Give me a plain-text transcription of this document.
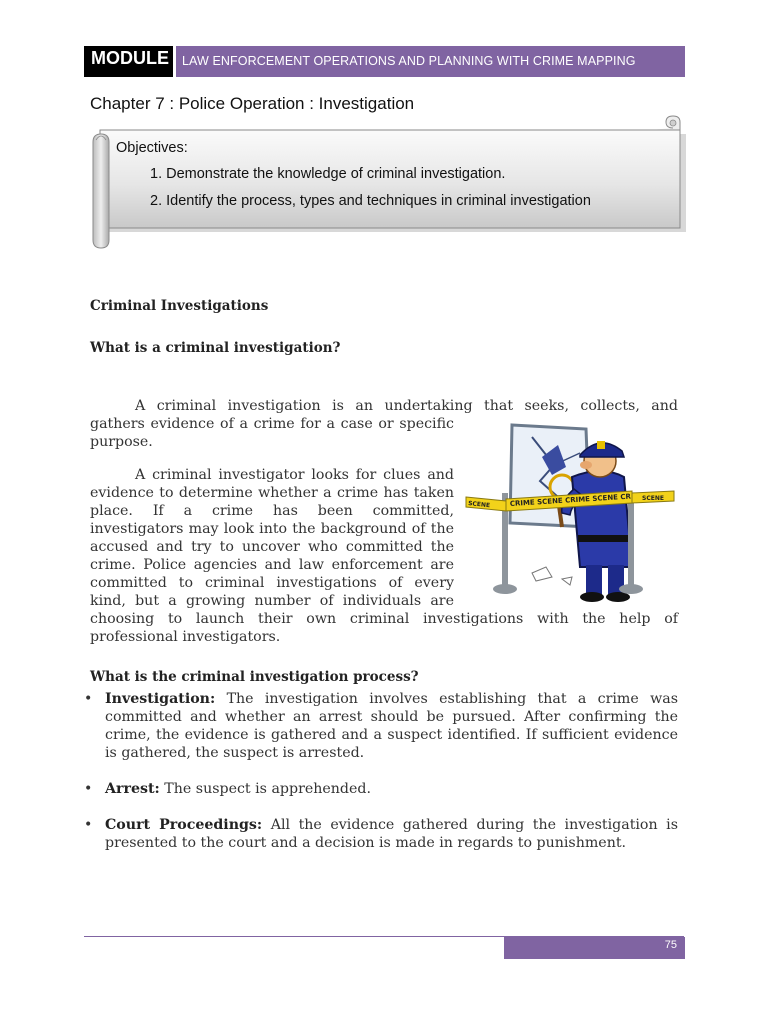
MODULE	LAW ENFORCEMENT OPERATIONS AND PLANNING WITH CRIME MAPPING
Chapter 7 : Police Operation : Investigation
Objectives:
1. Demonstrate the knowledge of criminal investigation.
2. Identify the process, types and techniques in criminal investigation
Criminal Investigations
What is a criminal investigation?

A criminal investigation is an undertaking that seeks, collects, and
gathers evidence of a crime for a case or specific purpose.

A criminal investigator looks for clues and evidence to determine whether a crime has taken place. If a crime has been committed, investigators may look into the background of the accused and try to uncover who committed the crime. Police agencies and law enforcement are committed to criminal investigations of every kind, but a growing number of individuals are
choosing to launch their own criminal investigations with the help of professional investigators.

CRIME SCENE CRIME SCENE CR
SCENE
SCENE
What is the criminal investigation process?
• Investigation: The investigation involves establishing that a crime was committed and whether an arrest should be pursued. After confirming the crime, the evidence is gathered and a suspect identified. If sufficient evidence is gathered, the suspect is arrested.
• Arrest: The suspect is apprehended.
• Court Proceedings: All the evidence gathered during the investigation is presented to the court and a decision is made in regards to punishment.
75
